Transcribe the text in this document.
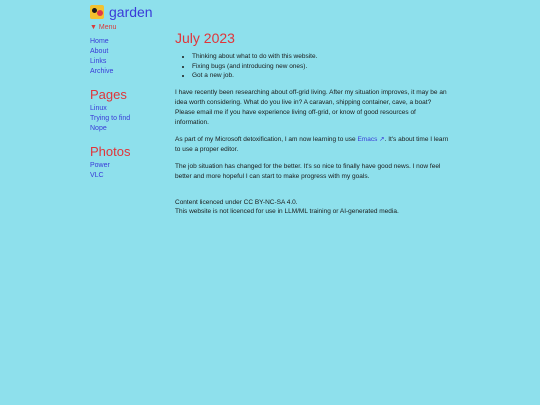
garden
▼ Menu
Home
About
Links
Archive
Pages
Linux
Trying to find
Nope
Photos
Power
VLC
July 2023
• Thinking about what to do with this website.
• Fixing bugs (and introducing new ones).
• Got a new job.

I have recently been researching about off-grid living. After my situation improves, it may be an idea worth considering. What do you live in? A caravan, shipping container, cave, a boat? Please email me if you have experience living off-grid, or know of good resources of information.

As part of my Microsoft detoxification, I am now learning to use Emacs ↗. It's about time I learn to use a proper editor.

The job situation has changed for the better. It's so nice to finally have good news. I now feel better and more hopeful I can start to make progress with my goals.

Content licenced under CC BY-NC-SA 4.0.
This website is not licenced for use in LLM/ML training or AI-generated media.
